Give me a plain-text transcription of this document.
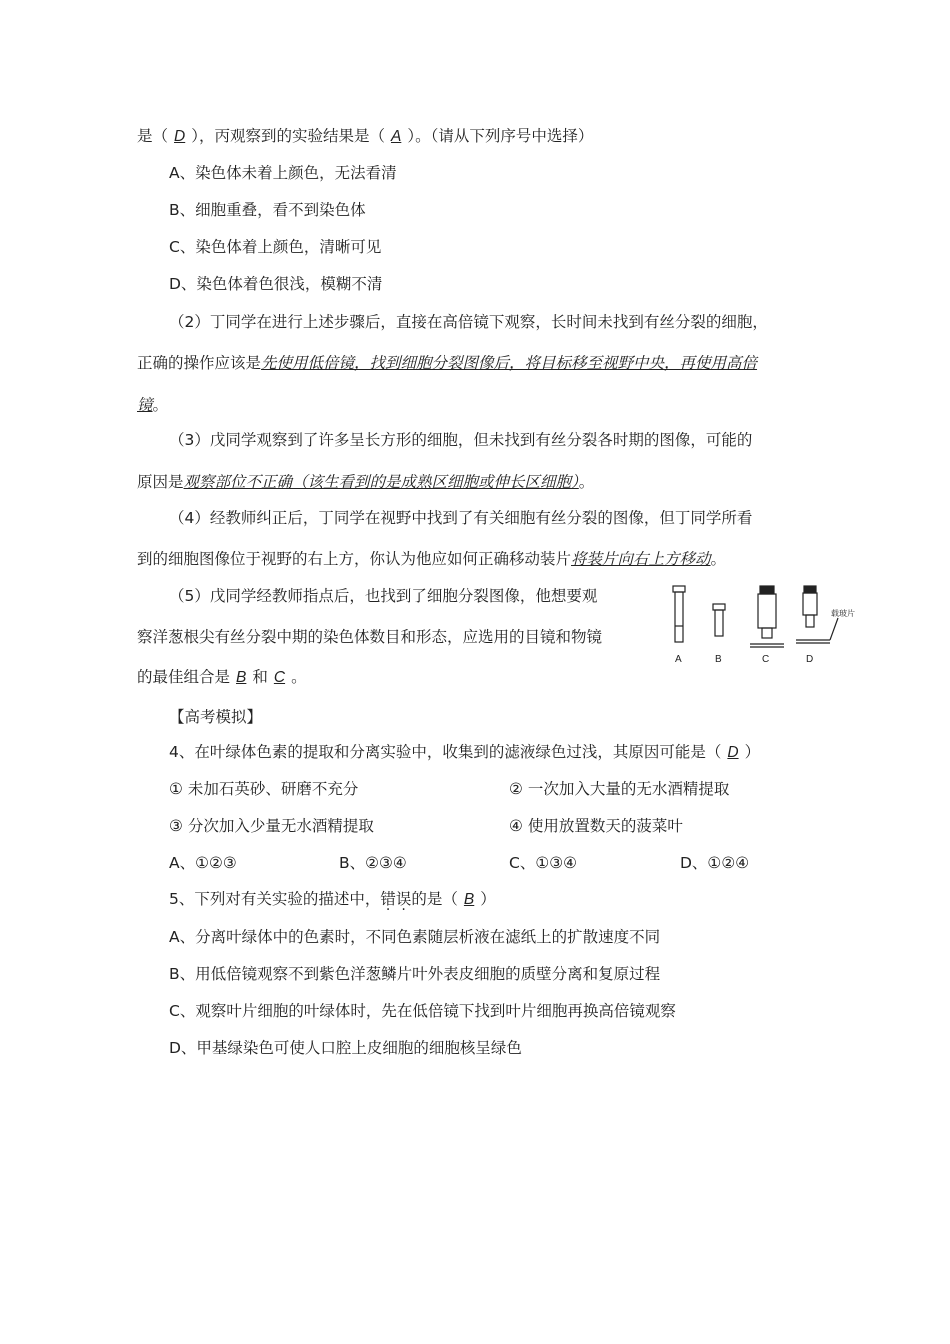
是（ D ），丙观察到的实验结果是（ A ）。（请从下列序号中选择）
A、染色体未着上颜色，无法看清
B、细胞重叠，看不到染色体
C、染色体着上颜色，清晰可见
D、染色体着色很浅，模糊不清
（2）丁同学在进行上述步骤后，直接在高倍镜下观察，长时间未找到有丝分裂的细胞，
正确的操作应该是先使用低倍镜，找到细胞分裂图像后，将目标移至视野中央，再使用高倍
镜。
（3）戊同学观察到了许多呈长方形的细胞，但未找到有丝分裂各时期的图像，可能的
原因是观察部位不正确（该生看到的是成熟区细胞或伸长区细胞）。
（4）经教师纠正后，丁同学在视野中找到了有关细胞有丝分裂的图像，但丁同学所看
到的细胞图像位于视野的右上方，你认为他应如何正确移动装片将装片向右上方移动。
（5）戊同学经教师指点后，也找到了细胞分裂图像，他想要观
察洋葱根尖有丝分裂中期的染色体数目和形态，应选用的目镜和物镜
的最佳组合是 B 和 C 。
A	B	C	D
载玻片
【高考模拟】
4、在叶绿体色素的提取和分离实验中，收集到的滤液绿色过浅，其原因可能是（ D ）
① 未加石英砂、研磨不充分	② 一次加入大量的无水酒精提取
③ 分次加入少量无水酒精提取	④ 使用放置数天的菠菜叶
A、①②③	B、②③④	C、①③④	D、①②④
5、下列对有关实验的描述中，错误的是（ B ）
A、分离叶绿体中的色素时，不同色素随层析液在滤纸上的扩散速度不同
B、用低倍镜观察不到紫色洋葱鳞片叶外表皮细胞的质壁分离和复原过程
C、观察叶片细胞的叶绿体时，先在低倍镜下找到叶片细胞再换高倍镜观察
D、甲基绿染色可使人口腔上皮细胞的细胞核呈绿色
